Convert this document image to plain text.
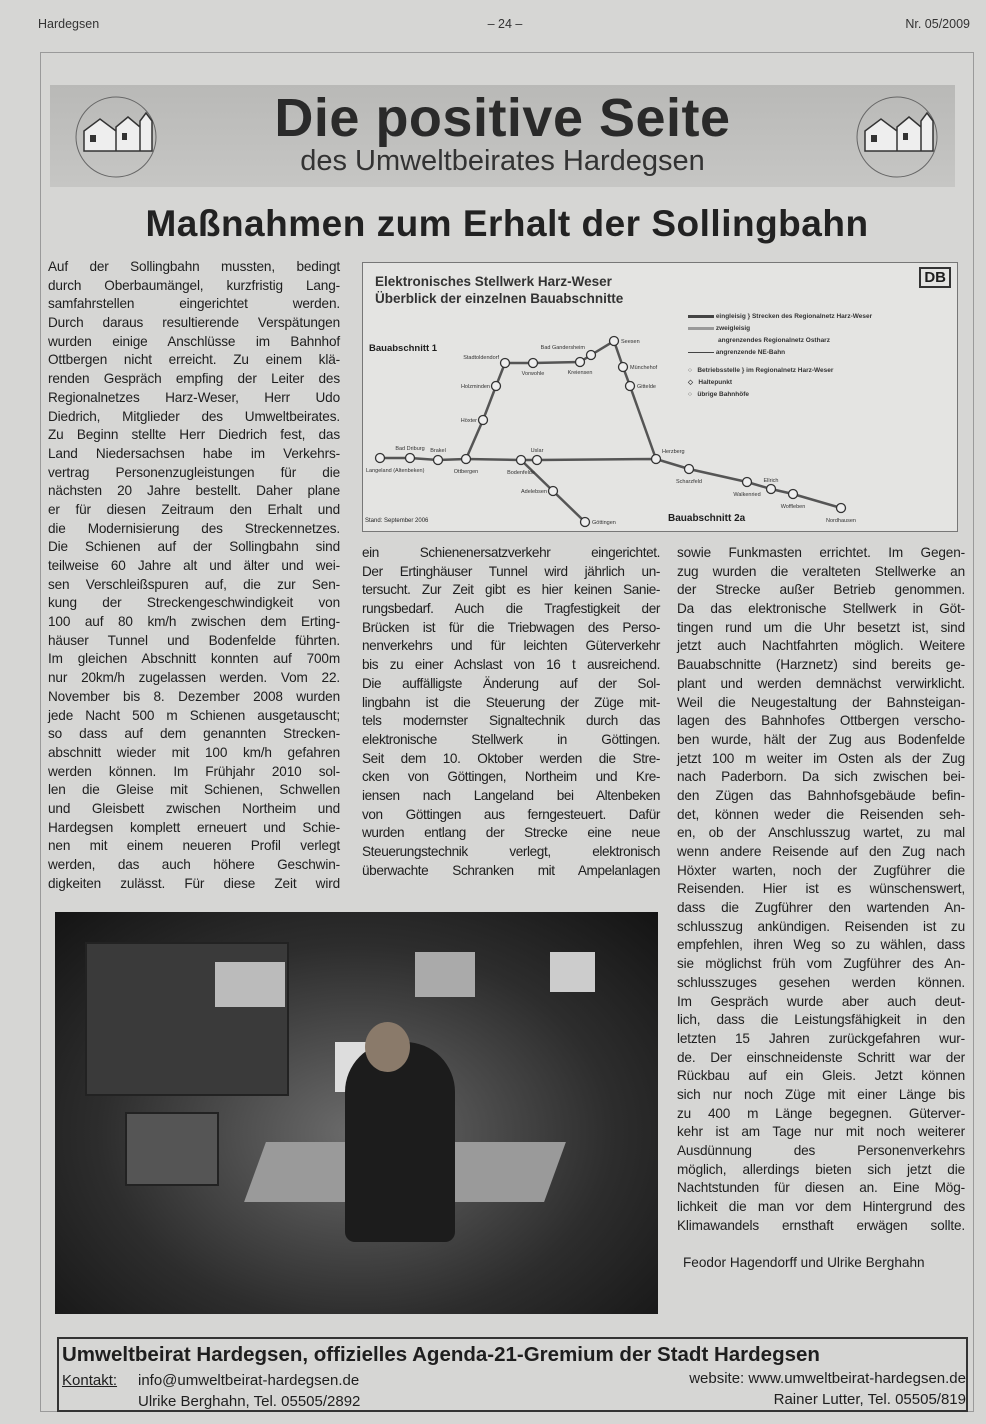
Hardegsen	– 24 –	Nr. 05/2009
Die positive Seite
des Umweltbeirates Hardegsen
Maßnahmen zum Erhalt der Sollingbahn
Auf der Sollingbahn mussten, bedingt
durch Oberbaumängel, kurzfristig Lang-
samfahrstellen eingerichtet werden.
Durch daraus resultierende Verspätungen
wurden einige Anschlüsse im Bahnhof
Ottbergen nicht erreicht. Zu einem klä-
renden Gespräch empfing der Leiter des
Regionalnetzes Harz-Weser, Herr Udo
Diedrich, Mitglieder des Umweltbeirates.
Zu Beginn stellte Herr Diedrich fest, das
Land Niedersachsen habe im Verkehrs-
vertrag Personenzugleistungen für die
nächsten 20 Jahre bestellt. Daher plane
er für diesen Zeitraum den Erhalt und
die Modernisierung des Streckennetzes.
Die Schienen auf der Sollingbahn sind
teilweise 60 Jahre alt und älter und wei-
sen Verschleißspuren auf, die zur Sen-
kung der Streckengeschwindigkeit von
100 auf 80 km/h zwischen dem Erting-
häuser Tunnel und Bodenfelde führten.
Im gleichen Abschnitt konnten auf 700m
nur 20km/h zugelassen werden. Vom 22.
November bis 8. Dezember 2008 wurden
jede Nacht 500 m Schienen ausgetauscht;
so dass auf dem genannten Strecken-
abschnitt wieder mit 100 km/h gefahren
werden können. Im Frühjahr 2010 sol-
len die Gleise mit Schienen, Schwellen
und Gleisbett zwischen Northeim und
Hardegsen komplett erneuert und Schie-
nen mit einem neueren Profil verlegt
werden, das auch höhere Geschwin-
digkeiten zulässt. Für diese Zeit wird
ein Schienenersatzverkehr eingerichtet.
Der Ertinghäuser Tunnel wird jährlich un-
tersucht. Zur Zeit gibt es hier keinen Sanie-
rungsbedarf. Auch die Tragfestigkeit der
Brücken ist für die Triebwagen des Perso-
nenverkehrs und für leichten Güterverkehr
bis zu einer Achslast von 16 t ausreichend.
Die auffälligste Änderung auf der Sol-
lingbahn ist die Steuerung der Züge mit-
tels modernster Signaltechnik durch das
elektronische Stellwerk in Göttingen.
Seit dem 10. Oktober werden die Stre-
cken von Göttingen, Northeim und Kre-
iensen nach Langeland bei Altenbeken
von Göttingen aus ferngesteuert. Dafür
wurden entlang der Strecke eine neue
Steuerungstechnik verlegt, elektronisch
überwachte Schranken mit Ampelanlagen
sowie Funkmasten errichtet. Im Gegen-
zug wurden die veralteten Stellwerke an
der Strecke außer Betrieb genommen.
Da das elektronische Stellwerk in Göt-
tingen rund um die Uhr besetzt ist, sind
jetzt auch Nachtfahrten möglich. Weitere
Bauabschnitte (Harznetz) sind bereits ge-
plant und werden demnächst verwirklicht.
Weil die Neugestaltung der Bahnsteigan-
lagen des Bahnhofes Ottbergen verscho-
ben wurde, hält der Zug aus Bodenfelde
jetzt 100 m weiter im Osten als der Zug
nach Paderborn. Da sich zwischen bei-
den Zügen das Bahnhofsgebäude befin-
det, können weder die Reisenden seh-
en, ob der Anschlusszug wartet, zu mal
wenn andere Reisende auf den Zug nach
Höxter warten, noch der Zugführer die
Reisenden. Hier ist es wünschenswert,
dass die Zugführer den wartenden An-
schlusszug ankündigen. Reisenden ist zu
empfehlen, ihren Weg so zu wählen, dass
sie möglichst früh vom Zugführer des An-
schlusszuges gesehen werden können.
Im Gespräch wurde aber auch deut-
lich, dass die Leistungsfähigkeit in den
letzten 15 Jahren zurückgefahren wur-
de. Der einschneidenste Schritt war der
Rückbau auf ein Gleis. Jetzt können
sich nur noch Züge mit einer Länge bis
zu 400 m Länge begegnen. Güterver-
kehr ist am Tage nur mit noch weiterer
Ausdünnung des Personenverkehrs
möglich, allerdings bieten sich jetzt die
Nachtstunden für diesen an. Eine Mög-
lichkeit die man vor dem Hintergrund des
Klimawandels ernsthaft erwägen sollte.
Feodor Hagendorff und Ulrike Berghahn
Elektronisches Stellwerk Harz-Weser
Überblick der einzelnen Bauabschnitte
DB
Bauabschnitt 1
Bauabschnitt 2a
Stand: September 2006
eingleisig } Strecken des Regionalnetz Harz-Weser
zweigleisig
angrenzendes Regionalnetz Ostharz
angrenzende NE-Bahn
○   Betriebsstelle } im Regionalnetz Harz-Weser
◇   Haltepunkt
○   übrige Bahnhöfe
Langeland (Altenbeken)
Bad Driburg Brakel
Ottbergen
Höxter
Holzminden
Stadtoldendorf
Vorwohle	Kreiensen
Bad Gandersheim
Seesen
Münchehof
Gittelde
Herzberg
Scharzfeld
Walkenried
Ellrich
Woffleben
Nordhausen
Bodenfelde
Uslar
Adelebsen
Göttingen
Umweltbeirat Hardegsen, offizielles Agenda-21-Gremium der Stadt Hardegsen
Kontakt: info@umweltbeirat-hardegsen.de
Ulrike Berghahn, Tel. 05505/2892
website: www.umweltbeirat-hardegsen.de
Rainer Lutter, Tel. 05505/819
